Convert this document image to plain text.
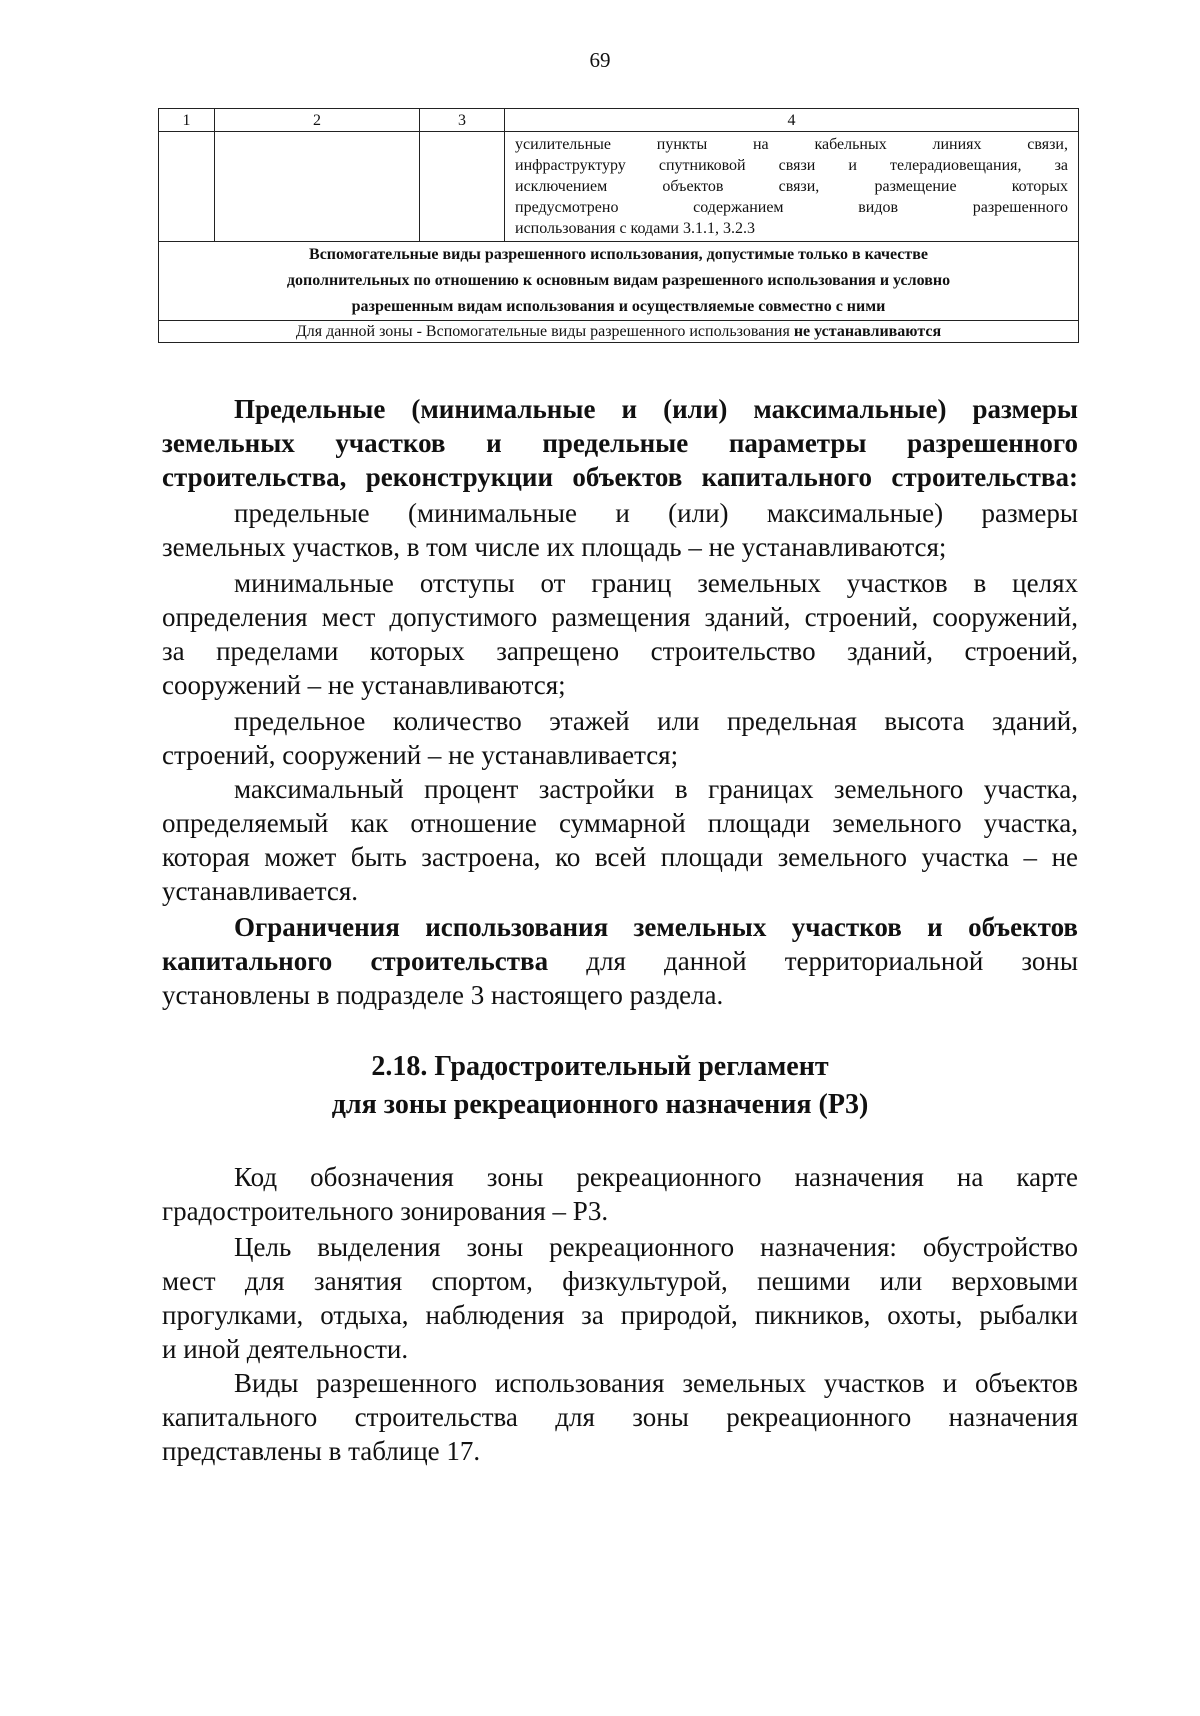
69
1	2	3	4

			усилительные пункты на кабельных линиях связи,
инфраструктуру спутниковой связи и телерадиовещания, за
исключением объектов связи, размещение которых
предусмотрено содержанием видов разрешенного
использования с кодами 3.1.1, 3.2.3

Вспомогательные виды разрешенного использования, допустимые только в качестве
дополнительных по отношению к основным видам разрешенного использования и условно
разрешенным видам использования и осуществляемые совместно с ними			

Для данной зоны - Вспомогательные виды разрешенного использования не устанавливаются			
Предельные (минимальные и (или) максимальные) размеры
земельных участков и предельные параметры разрешенного
строительства, реконструкции объектов капитального строительства:
предельные (минимальные и (или) максимальные) размеры
земельных участков, в том числе их площадь – не устанавливаются;
минимальные отступы от границ земельных участков в целях
определения мест допустимого размещения зданий, строений, сооружений,
за пределами которых запрещено строительство зданий, строений,
сооружений – не устанавливаются;
предельное количество этажей или предельная высота зданий,
строений, сооружений – не устанавливается;
максимальный процент застройки в границах земельного участка,
определяемый как отношение суммарной площади земельного участка,
которая может быть застроена, ко всей площади земельного участка – не
устанавливается.
Ограничения использования земельных участков и объектов
капитального строительства для данной территориальной зоны
установлены в подразделе 3 настоящего раздела.
2.18. Градостроительный регламент
для зоны рекреационного назначения (Р3)
Код обозначения зоны рекреационного назначения на карте
градостроительного зонирования – Р3.
Цель выделения зоны рекреационного назначения: обустройство
мест для занятия спортом, физкультурой, пешими или верховыми
прогулками, отдыха, наблюдения за природой, пикников, охоты, рыбалки
и иной деятельности.
Виды разрешенного использования земельных участков и объектов
капитального строительства для зоны рекреационного назначения
представлены в таблице 17.
